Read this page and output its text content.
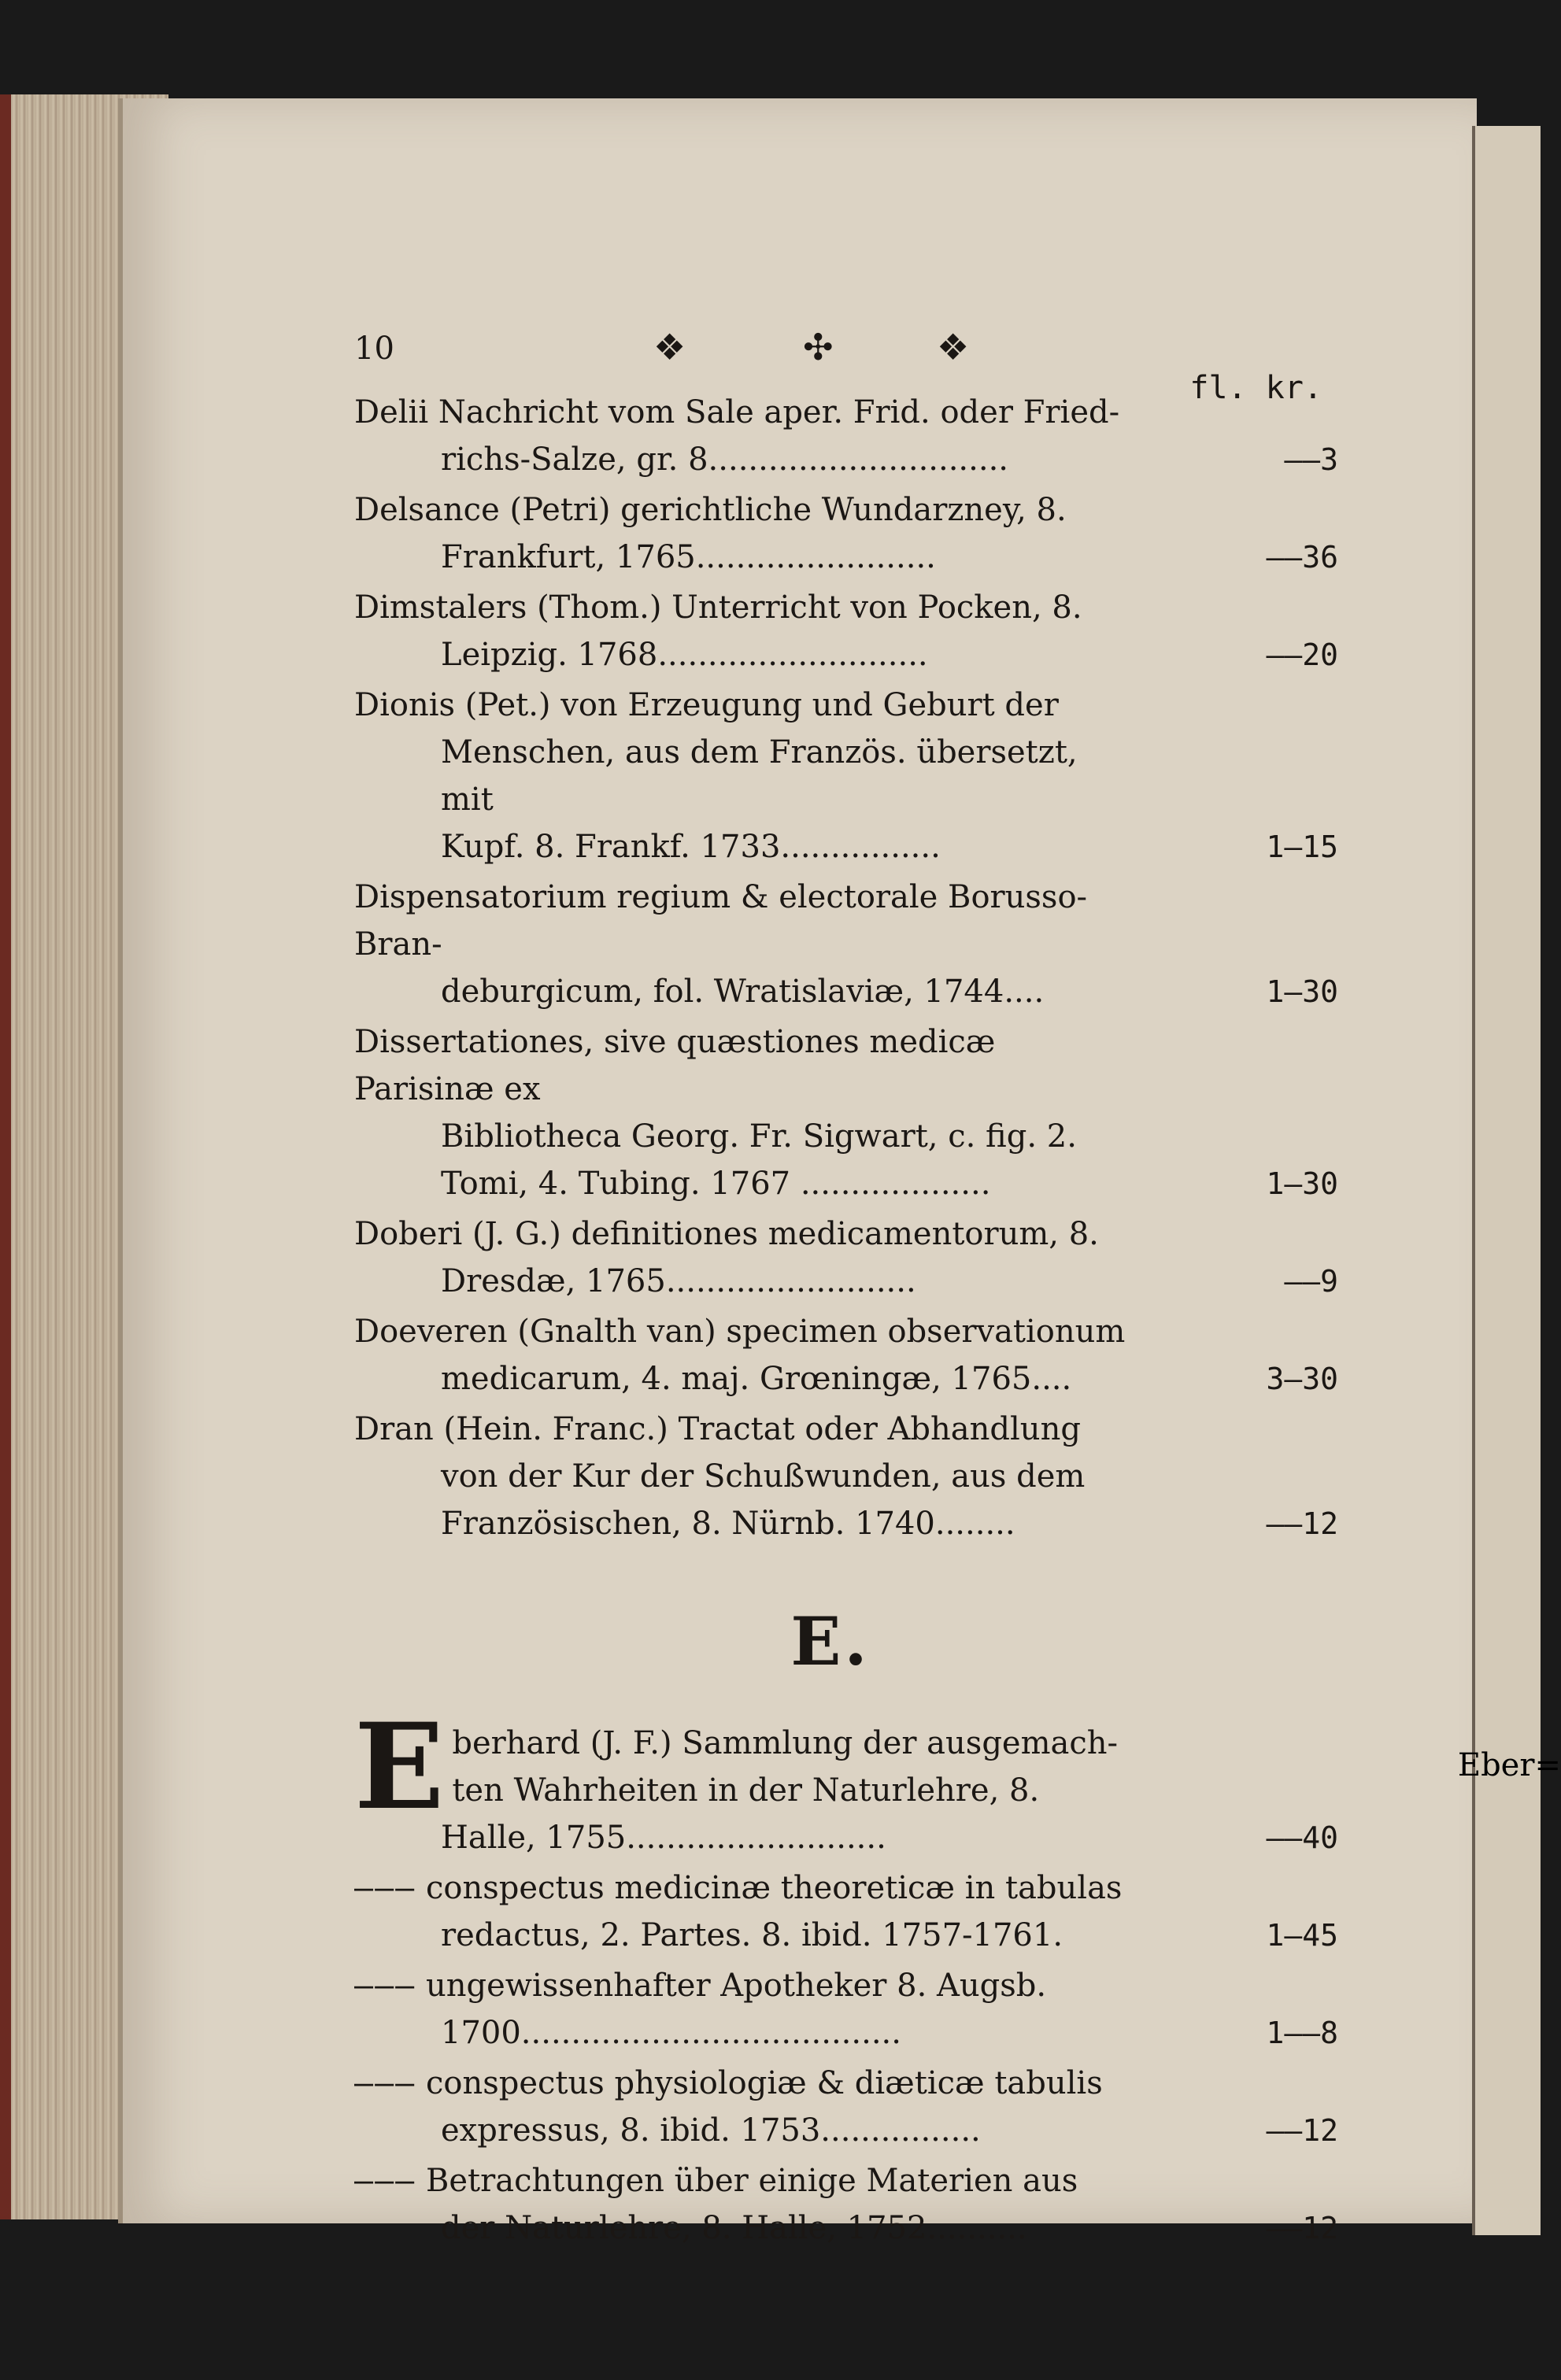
10	❖	✣	❖
fl. kr.
Delii Nachricht vom Sale aper. Frid. oder Fried-
richs-Salze, gr. 8..............................	——3
Delsance (Petri) gerichtliche Wundarzney, 8.
Frankfurt, 1765........................	——36
Dimstalers (Thom.) Unterricht von Pocken, 8.
Leipzig. 1768...........................	——20
Dionis (Pet.) von Erzeugung und Geburt der
Menschen, aus dem Französ. übersetzt, mit
Kupf. 8. Frankf. 1733................	1—15
Dispensatorium regium & electorale Borusso-Bran-
deburgicum, fol. Wratislaviæ, 1744....	1—30
Dissertationes, sive quæstiones medicæ Parisinæ ex
Bibliotheca Georg. Fr. Sigwart, c. fig. 2.
Tomi, 4. Tubing. 1767 ...................	1—30
Doberi (J. G.) definitiones medicamentorum, 8.
Dresdæ, 1765.........................	——9
Doeveren (Gnalth van) specimen observationum
medicarum, 4. maj. Grœningæ, 1765....	3—30
Dran (Hein. Franc.) Tractat oder Abhandlung
von der Kur der Schußwunden, aus dem
Französischen, 8. Nürnb. 1740........	——12
E.
Eberhard (J. F.) Sammlung der ausgemach-
ten Wahrheiten in der Naturlehre, 8.
Halle, 1755..........................	——40
——— conspectus medicinæ theoreticæ in tabulas
redactus, 2. Partes. 8. ibid. 1757-1761.	1—45
——— ungewissenhafter Apotheker 8. Augsb.
1700......................................	1——8
——— conspectus physiologiæ & diæticæ tabulis
expressus, 8. ibid. 1753................	——12
——— Betrachtungen über einige Materien aus
der Naturlehre, 8. Halle, 1752..........	——12
Eber=
